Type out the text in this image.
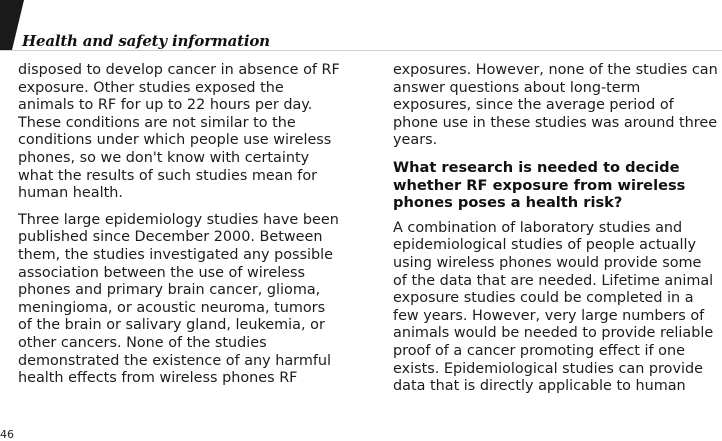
Health and safety information

disposed to develop cancer in absence of RF
exposure. Other studies exposed the
animals to RF for up to 22 hours per day.
These conditions are not similar to the
conditions under which people use wireless
phones, so we don't know with certainty
what the results of such studies mean for
human health.

Three large epidemiology studies have been
published since December 2000. Between
them, the studies investigated any possible
association between the use of wireless
phones and primary brain cancer, glioma,
meningioma, or acoustic neuroma, tumors
of the brain or salivary gland, leukemia, or
other cancers. None of the studies
demonstrated the existence of any harmful
health effects from wireless phones RF

exposures. However, none of the studies can
answer questions about long-term
exposures, since the average period of
phone use in these studies was around three
years.

What research is needed to decide
whether RF exposure from wireless
phones poses a health risk?

A combination of laboratory studies and
epidemiological studies of people actually
using wireless phones would provide some
of the data that are needed. Lifetime animal
exposure studies could be completed in a
few years. However, very large numbers of
animals would be needed to provide reliable
proof of a cancer promoting effect if one
exists. Epidemiological studies can provide
data that is directly applicable to human

46
